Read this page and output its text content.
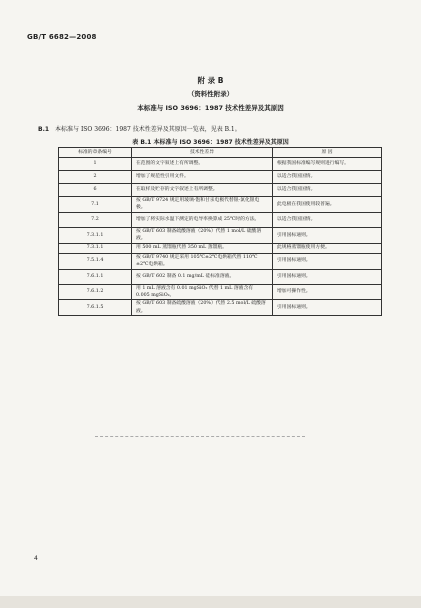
GB/T 6682—2008
附 录 B
（资料性附录）
本标准与 ISO 3696：1987 技术性差异及其原因
B.1 本标准与 ISO 3696：1987 技术性差异及其原因一览表，见表 B.1。
表 B.1 本标准与 ISO 3696：1987 技术性差异及其原因
标准的章条编号	技术性差异	原 因
1	在范围的文字叙述上有所调整。	根据我国标准编写规则进行编写。
2	增加了规范性引用文件。	以适合我国国情。
6	在取样及贮存的文字叙述上有所调整。	以适合我国国情。
7.1	按 GB/T 9724 规定用玻璃-饱和甘汞电极代替银-氯化银电极。	此电极在我国使用较普遍。
7.2	增加了将实际水温下测定的电导率换算成 25℃时的方法。	以适合我国国情。
7.3.1.1	按 GB/T 603 制备硫酸溶液（20%）代替 1 mol/L 硫酸溶液。	引用国标通则。
7.3.1.1	用 500 mL 蒸馏瓶代替 350 mL 蒸馏瓶。	此规格蒸馏瓶使用方便。
7.5.1.4	按 GB/T 9740 规定采用 105℃±2℃电烘箱代替 110℃±2℃电烘箱。	引用国标通则。
7.6.1.1	按 GB/T 602 制备 0.1 mg/mL 硅标准溶液。	引用国标通则。
7.6.1.2	用 1 mL 溶液含有 0.01 mgSiO₂ 代替 1 mL 溶液含有 0.005 mgSiO₂。	增加可操作性。
7.6.1.5	按 GB/T 603 制备硫酸溶液（20%）代替 2.5 mol/L 硫酸溶液。	引用国标通则。
4
